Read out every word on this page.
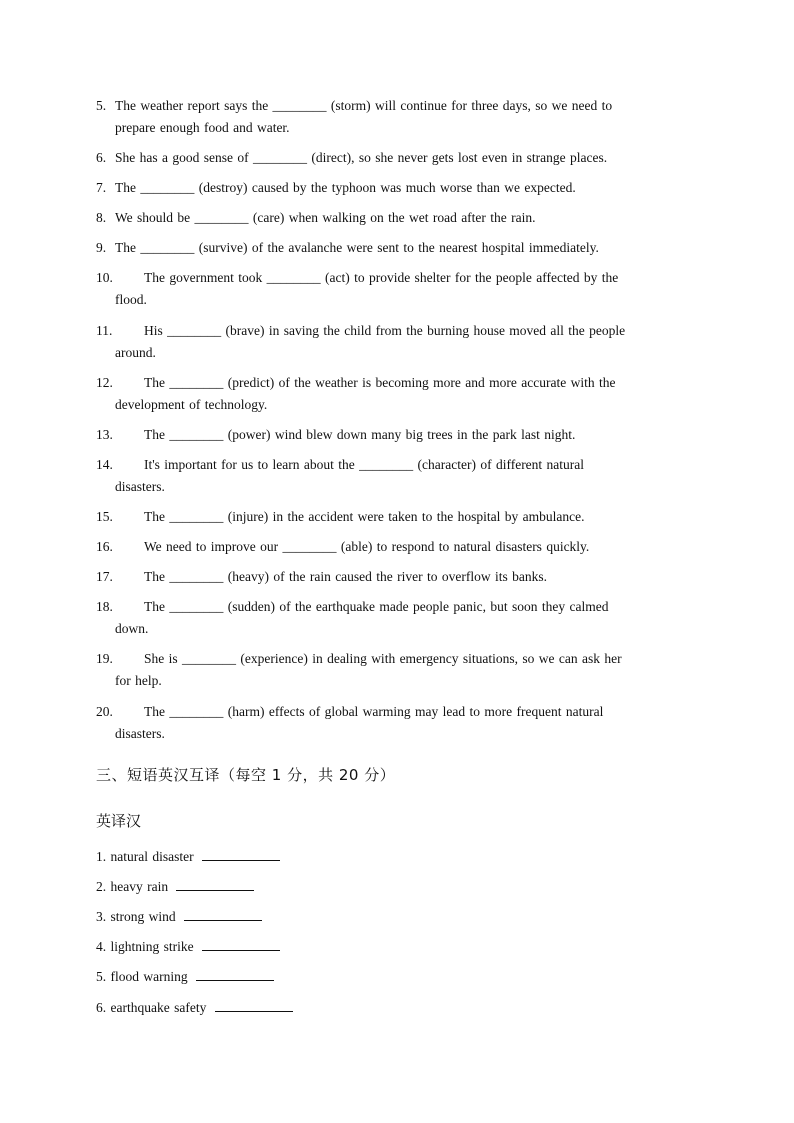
5. The weather report says the ________ (storm) will continue for three days, so we need to
prepare enough food and water.
6. She has a good sense of ________ (direct), so she never gets lost even in strange places.
7. The ________ (destroy) caused by the typhoon was much worse than we expected.
8. We should be ________ (care) when walking on the wet road after the rain.
9. The ________ (survive) of the avalanche were sent to the nearest hospital immediately.
10. The government took ________ (act) to provide shelter for the people affected by the
flood.
11. His ________ (brave) in saving the child from the burning house moved all the people
around.
12. The ________ (predict) of the weather is becoming more and more accurate with the
development of technology.
13. The ________ (power) wind blew down many big trees in the park last night.
14. It's important for us to learn about the ________ (character) of different natural
disasters.
15. The ________ (injure) in the accident were taken to the hospital by ambulance.
16. We need to improve our ________ (able) to respond to natural disasters quickly.
17. The ________ (heavy) of the rain caused the river to overflow its banks.
18. The ________ (sudden) of the earthquake made people panic, but soon they calmed
down.
19. She is ________ (experience) in dealing with emergency situations, so we can ask her
for help.
20. The ________ (harm) effects of global warming may lead to more frequent natural
disasters.
三、短语英汉互译（每空 1 分，共 20 分）
英译汉
1. natural disaster
2. heavy rain
3. strong wind
4. lightning strike
5. flood warning
6. earthquake safety
